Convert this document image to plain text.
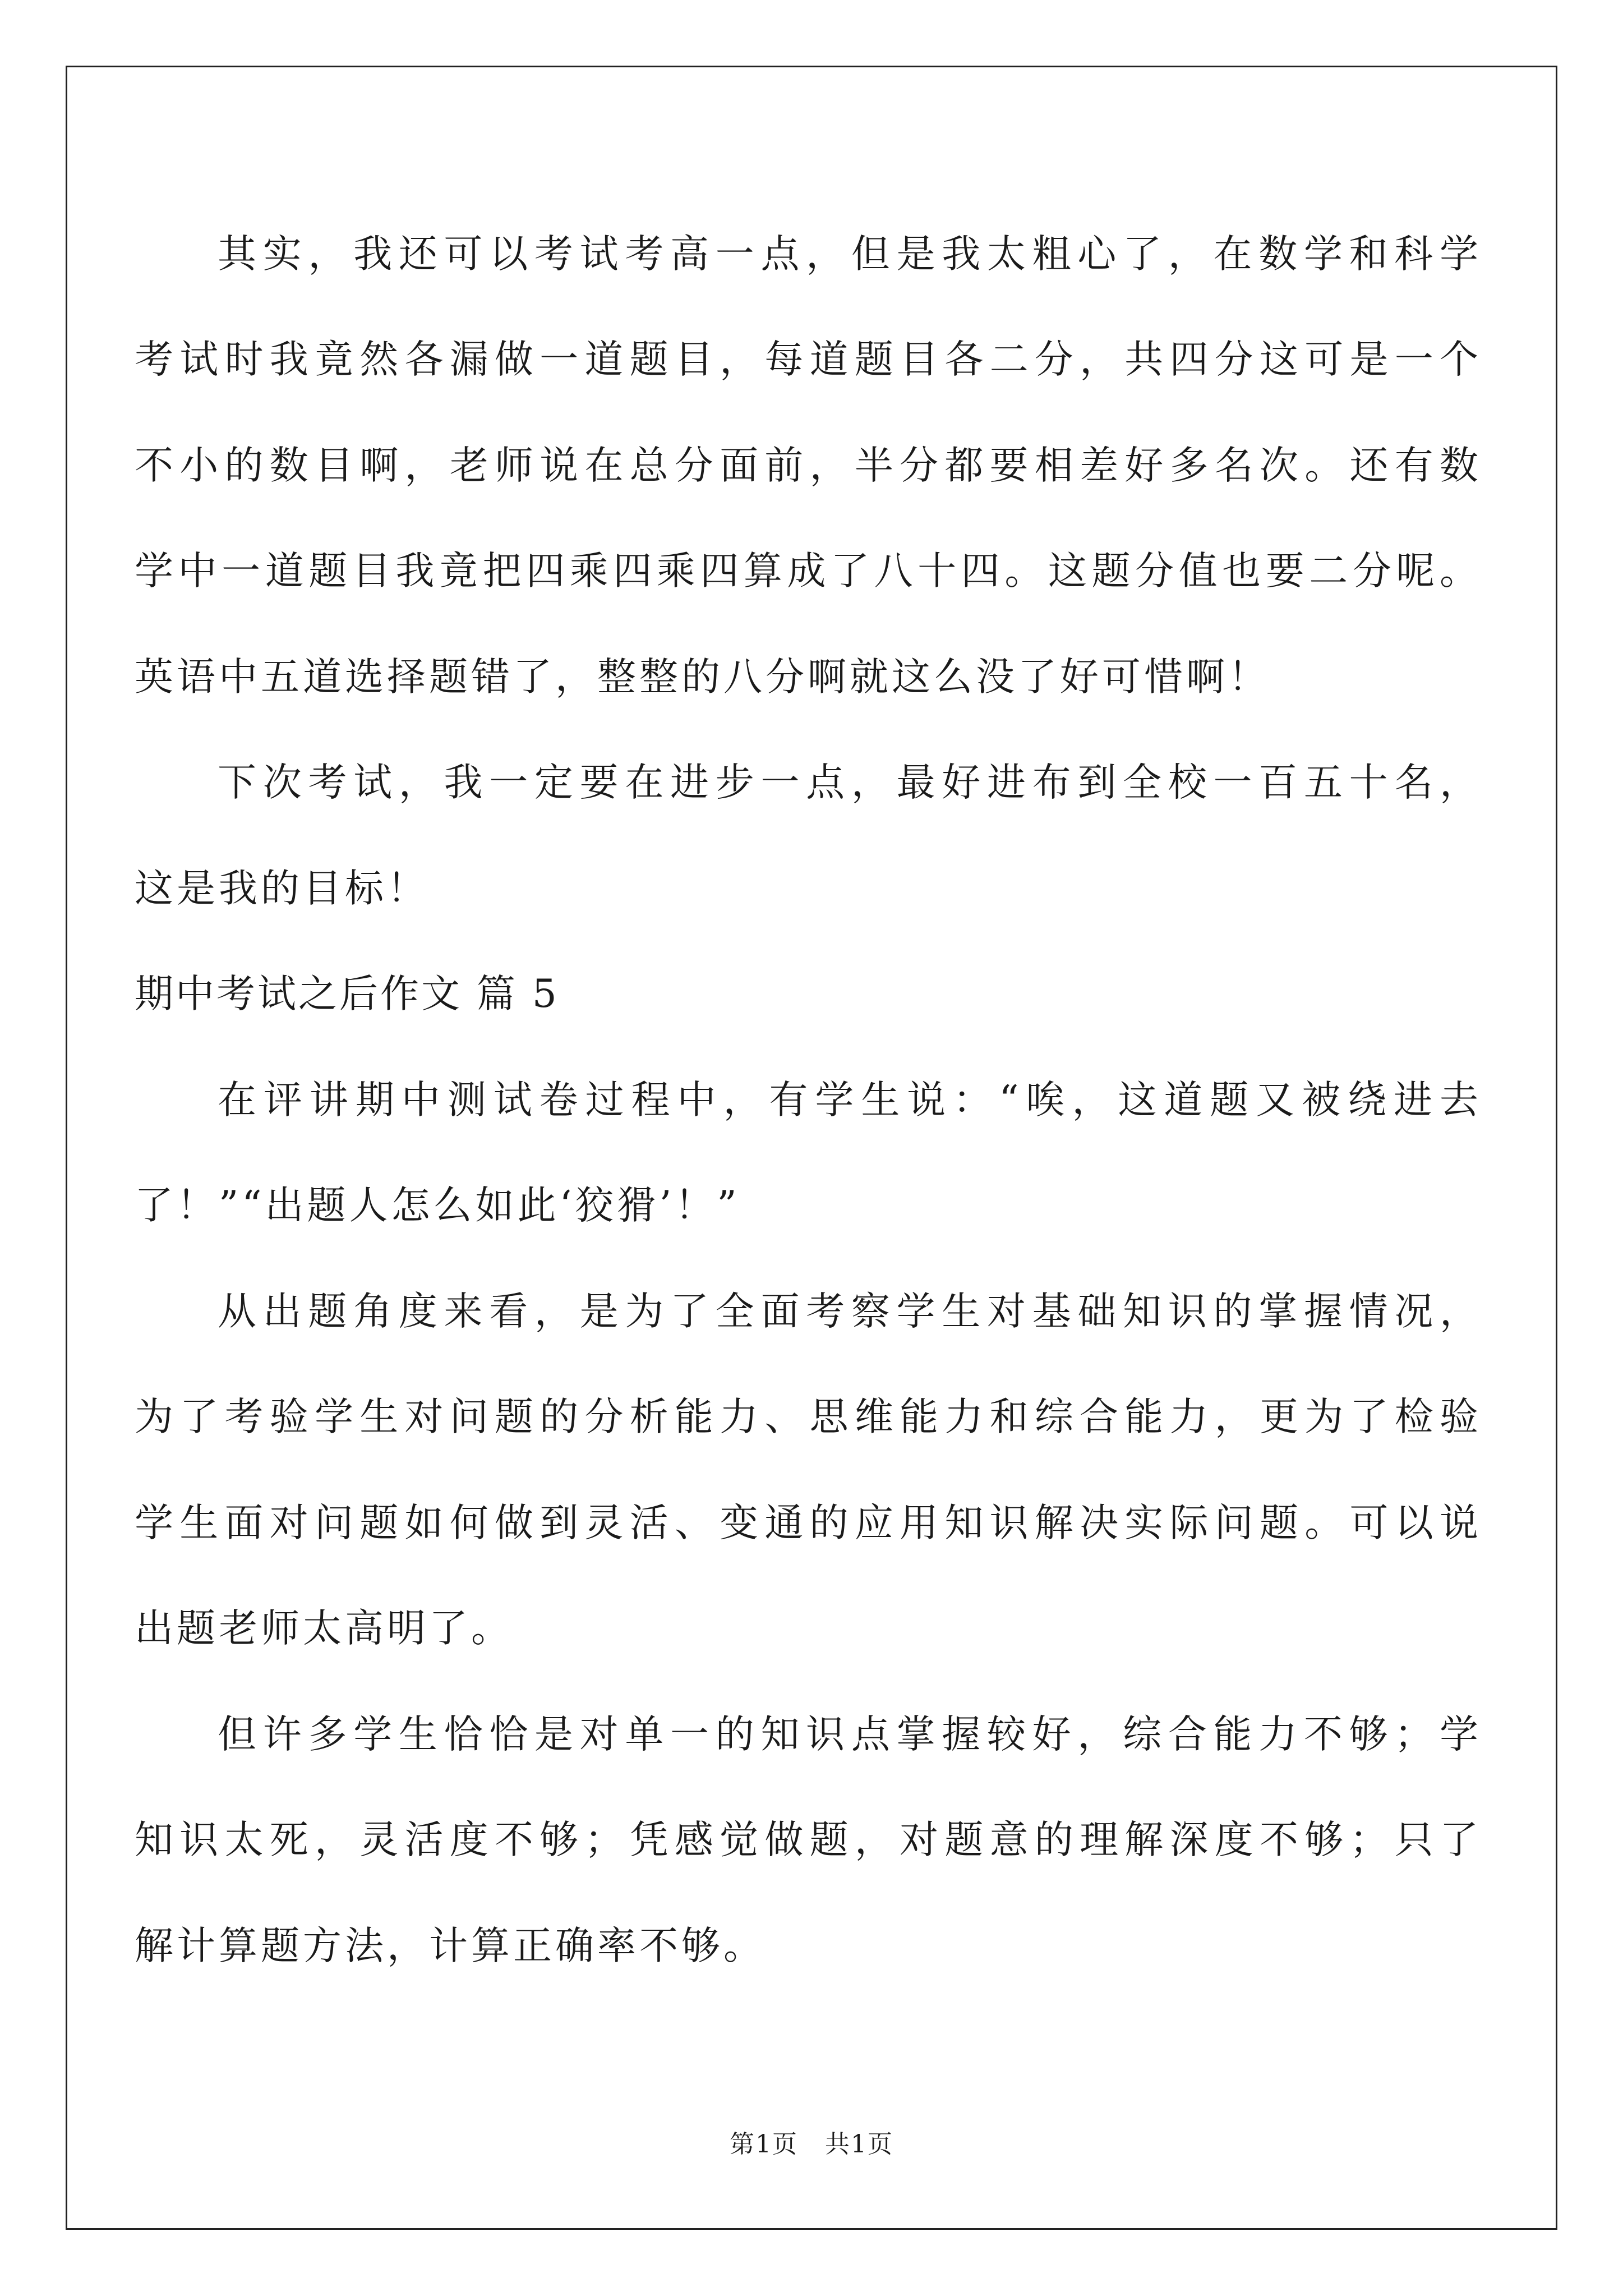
其实，我还可以考试考高一点，但是我太粗心了，在数学和科学
考试时我竟然各漏做一道题目，每道题目各二分，共四分这可是一个
不小的数目啊，老师说在总分面前，半分都要相差好多名次。还有数
学中一道题目我竟把四乘四乘四算成了八十四。这题分值也要二分呢。
英语中五道选择题错了，整整的八分啊就这么没了好可惜啊！
下次考试，我一定要在进步一点，最好进布到全校一百五十名，
这是我的目标！
期中考试之后作文 篇 5
在评讲期中测试卷过程中，有学生说：“唉，这道题又被绕进去
了！”“出题人怎么如此‘狡猾’！”
从出题角度来看，是为了全面考察学生对基础知识的掌握情况，
为了考验学生对问题的分析能力、思维能力和综合能力，更为了检验
学生面对问题如何做到灵活、变通的应用知识解决实际问题。可以说
出题老师太高明了。
但许多学生恰恰是对单一的知识点掌握较好，综合能力不够；学
知识太死，灵活度不够；凭感觉做题，对题意的理解深度不够；只了
解计算题方法，计算正确率不够。
第1页   共1页
